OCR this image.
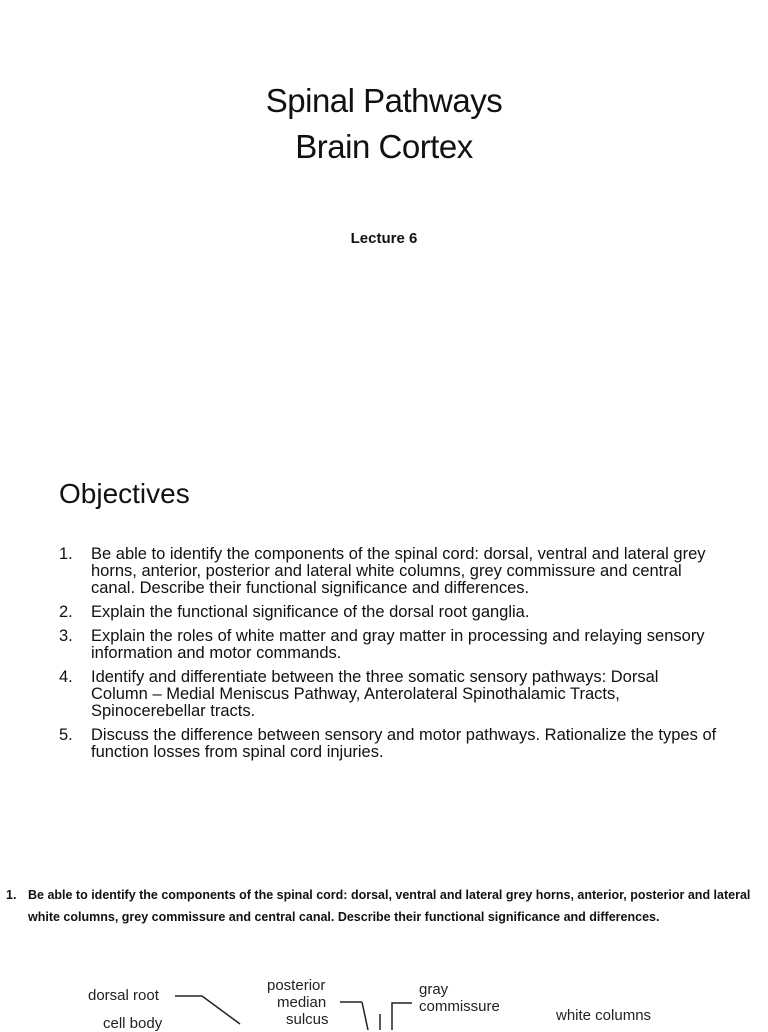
Spinal Pathways
Brain Cortex
Lecture 6
Objectives
1. Be able to identify the components of the spinal cord: dorsal, ventral and lateral grey horns, anterior, posterior and lateral white columns, grey commissure and central canal. Describe their functional significance and differences.
2. Explain the functional significance of the dorsal root ganglia.
3. Explain the roles of white matter and gray matter in processing and relaying sensory information and motor commands.
4. Identify and differentiate between the three somatic sensory pathways: Dorsal Column – Medial Meniscus Pathway, Anterolateral Spinothalamic Tracts, Spinocerebellar tracts.
5. Discuss the difference between sensory and motor pathways. Rationalize the types of function losses from spinal cord injuries.
1. Be able to identify the components of the spinal cord: dorsal, ventral and lateral grey horns, anterior, posterior and lateral white columns, grey commissure and central canal. Describe their functional significance and differences.
dorsal root
cell body
posterior
median
sulcus
gray
commissure
white columns
